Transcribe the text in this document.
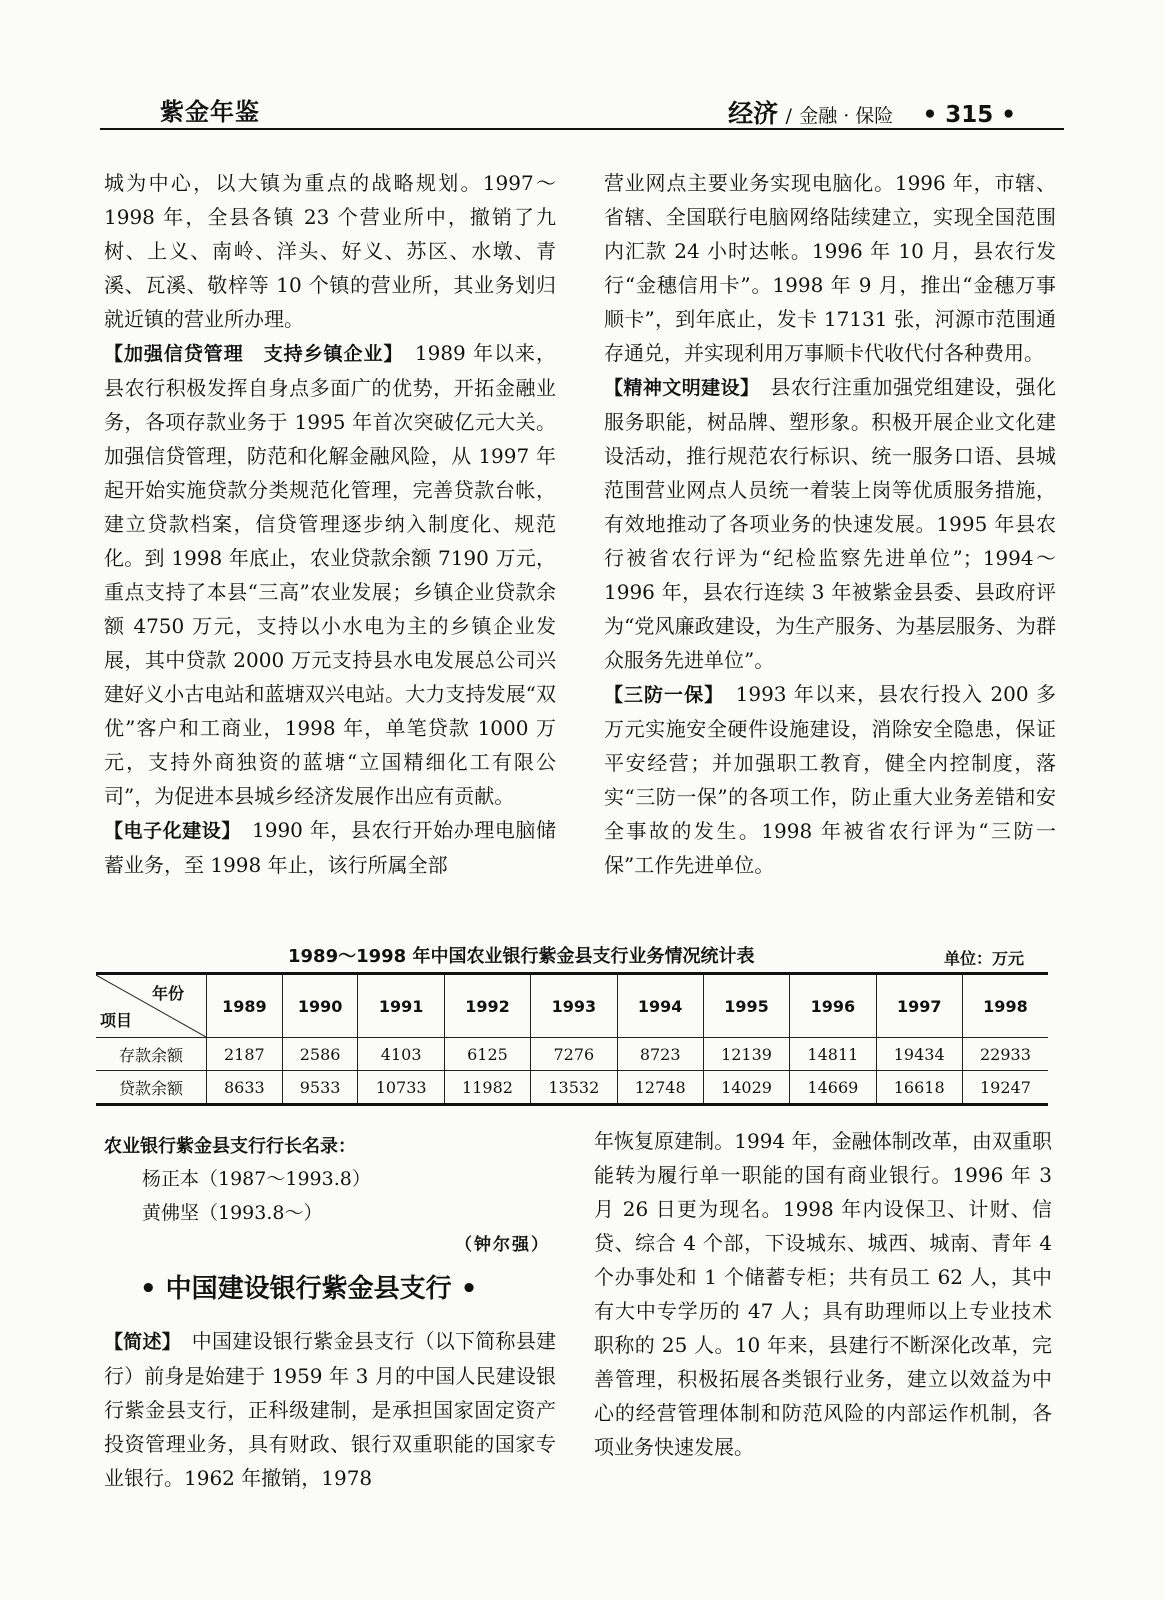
紫金年鉴	经济 / 金融 · 保险 • 315 •

城为中心，以大镇为重点的战略规划。1997～1998 年，全县各镇 23 个营业所中，撤销了九树、上义、南岭、洋头、好义、苏区、水墩、青溪、瓦溪、敬梓等 10 个镇的营业所，其业务划归就近镇的营业所办理。

【加强信贷管理　支持乡镇企业】　1989 年以来，县农行积极发挥自身点多面广的优势，开拓金融业务，各项存款业务于 1995 年首次突破亿元大关。加强信贷管理，防范和化解金融风险，从 1997 年起开始实施贷款分类规范化管理，完善贷款台帐，建立贷款档案，信贷管理逐步纳入制度化、规范化。到 1998 年底止，农业贷款余额 7190 万元，重点支持了本县“三高”农业发展；乡镇企业贷款余额 4750 万元，支持以小水电为主的乡镇企业发展，其中贷款 2000 万元支持县水电发展总公司兴建好义小古电站和蓝塘双兴电站。大力支持发展“双优”客户和工商业，1998 年，单笔贷款 1000 万元，支持外商独资的蓝塘“立国精细化工有限公司”，为促进本县城乡经济发展作出应有贡献。

【电子化建设】　1990 年，县农行开始办理电脑储蓄业务，至 1998 年止，该行所属全部

营业网点主要业务实现电脑化。1996 年，市辖、省辖、全国联行电脑网络陆续建立，实现全国范围内汇款 24 小时达帐。1996 年 10 月，县农行发行“金穗信用卡”。1998 年 9 月，推出“金穗万事顺卡”，到年底止，发卡 17131 张，河源市范围通存通兑，并实现利用万事顺卡代收代付各种费用。

【精神文明建设】　县农行注重加强党组建设，强化服务职能，树品牌、塑形象。积极开展企业文化建设活动，推行规范农行标识、统一服务口语、县城范围营业网点人员统一着装上岗等优质服务措施，有效地推动了各项业务的快速发展。1995 年县农行被省农行评为“纪检监察先进单位”；1994～1996 年，县农行连续 3 年被紫金县委、县政府评为“党风廉政建设，为生产服务、为基层服务、为群众服务先进单位”。

【三防一保】　1993 年以来，县农行投入 200 多万元实施安全硬件设施建设，消除安全隐患，保证平安经营；并加强职工教育，健全内控制度，落实“三防一保”的各项工作，防止重大业务差错和安全事故的发生。1998 年被省农行评为“三防一保”工作先进单位。

1989～1998 年中国农业银行紫金县支行业务情况统计表	单位：万元
年份
项目	1989	1990	1991	1992	1993	1994	1995	1996	1997	1998
存款余额	2187	2586	4103	6125	7276	8723	12139	14811	19434	22933
贷款余额	8633	9533	10733	11982	13532	12748	14029	14669	16618	19247
农业银行紫金县支行行长名录：
杨正本（1987～1993.8）
黄佛坚（1993.8～）
（钟尔强）
• 中国建设银行紫金县支行 •

【简述】　中国建设银行紫金县支行（以下简称县建行）前身是始建于 1959 年 3 月的中国人民建设银行紫金县支行，正科级建制，是承担国家固定资产投资管理业务，具有财政、银行双重职能的国家专业银行。1962 年撤销，1978

年恢复原建制。1994 年，金融体制改革，由双重职能转为履行单一职能的国有商业银行。1996 年 3 月 26 日更为现名。1998 年内设保卫、计财、信贷、综合 4 个部，下设城东、城西、城南、青年 4 个办事处和 1 个储蓄专柜；共有员工 62 人，其中有大中专学历的 47 人；具有助理师以上专业技术职称的 25 人。10 年来，县建行不断深化改革，完善管理，积极拓展各类银行业务，建立以效益为中心的经营管理体制和防范风险的内部运作机制，各项业务快速发展。
